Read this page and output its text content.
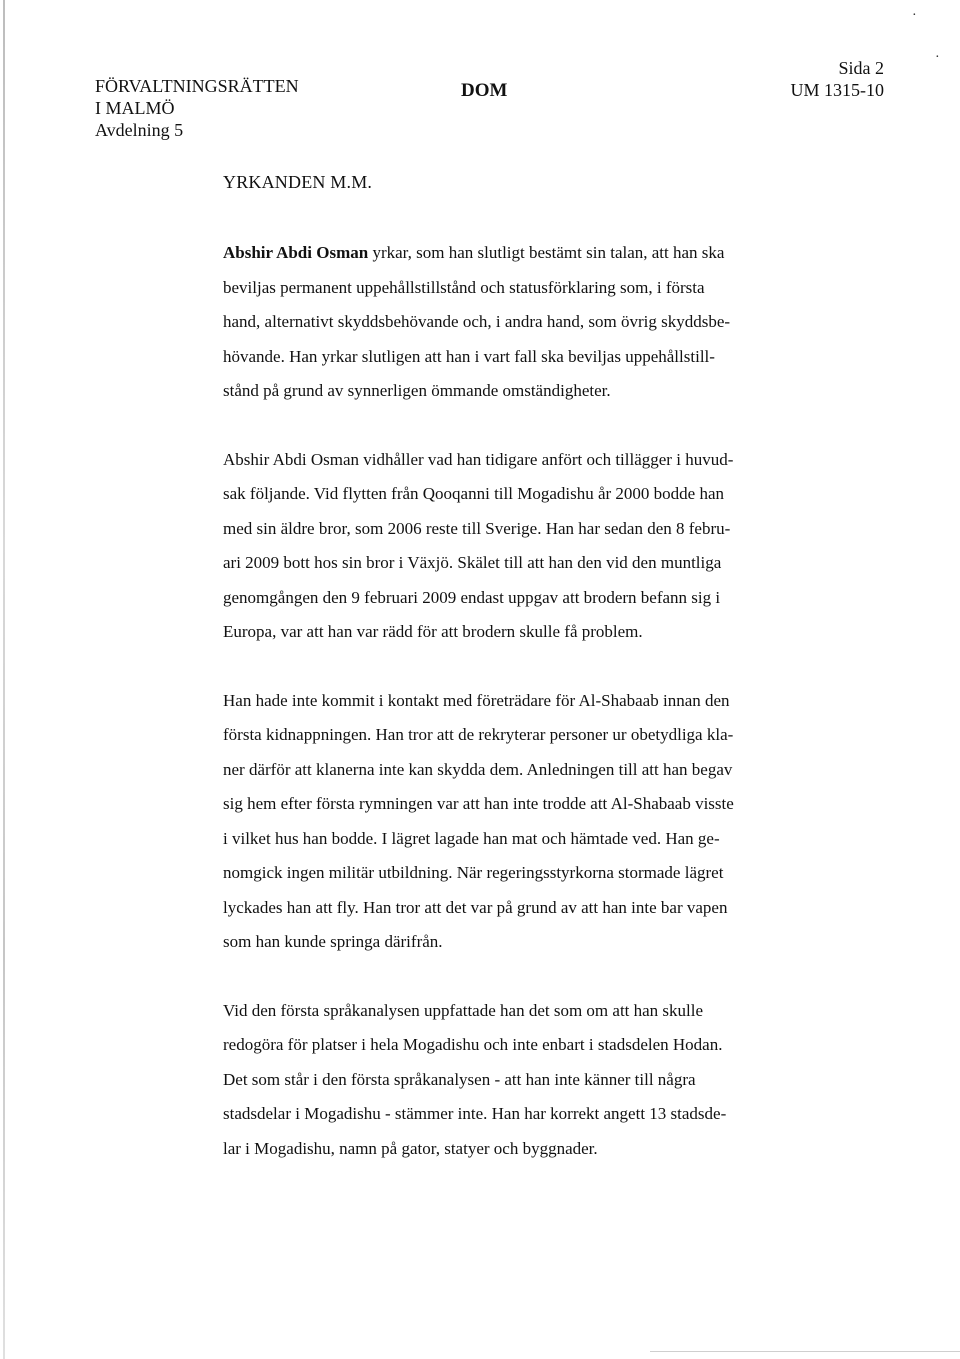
·
·
FÖRVALTNINGSRÄTTEN
I MALMÖ
Avdelning 5
DOM
Sida 2
UM 1315-10
YRKANDEN M.M.

Abshir Abdi Osman yrkar, som han slutligt bestämt sin talan, att han ska
beviljas permanent uppehållstillstånd och statusförklaring som, i första
hand, alternativt skyddsbehövande och, i andra hand, som övrig skyddsbe-
hövande. Han yrkar slutligen att han i vart fall ska beviljas uppehållstill-
stånd på grund av synnerligen ömmande omständigheter.

Abshir Abdi Osman vidhåller vad han tidigare anfört och tillägger i huvud-
sak följande. Vid flytten från Qooqanni till Mogadishu år 2000 bodde han
med sin äldre bror, som 2006 reste till Sverige. Han har sedan den 8 febru-
ari 2009 bott hos sin bror i Växjö. Skälet till att han den vid den muntliga
genomgången den 9 februari 2009 endast uppgav att brodern befann sig i
Europa, var att han var rädd för att brodern skulle få problem.

Han hade inte kommit i kontakt med företrädare för Al-Shabaab innan den
första kidnappningen. Han tror att de rekryterar personer ur obetydliga kla-
ner därför att klanerna inte kan skydda dem. Anledningen till att han begav
sig hem efter första rymningen var att han inte trodde att Al-Shabaab visste
i vilket hus han bodde. I lägret lagade han mat och hämtade ved. Han ge-
nomgick ingen militär utbildning. När regeringsstyrkorna stormade lägret
lyckades han att fly. Han tror att det var på grund av att han inte bar vapen
som han kunde springa därifrån.

Vid den första språkanalysen uppfattade han det som om att han skulle
redogöra för platser i hela Mogadishu och inte enbart i stadsdelen Hodan.
Det som står i den första språkanalysen - att han inte känner till några
stadsdelar i Mogadishu - stämmer inte. Han har korrekt angett 13 stadsde-
lar i Mogadishu, namn på gator, statyer och byggnader.
